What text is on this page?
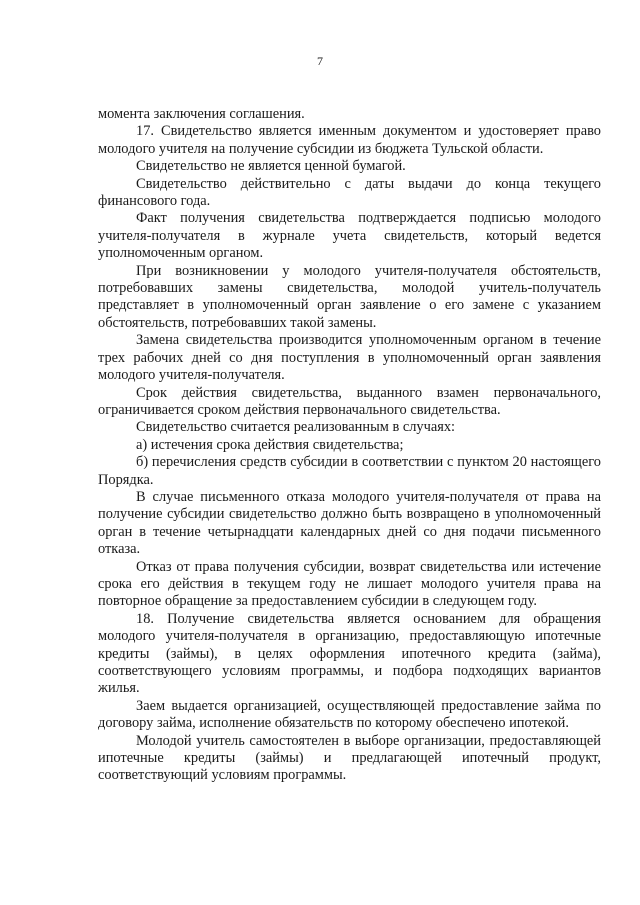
7

момента заключения соглашения.

17. Свидетельство является именным документом и удостоверяет право молодого учителя на получение субсидии из бюджета Тульской области.

Свидетельство не является ценной бумагой.

Свидетельство действительно с даты выдачи до конца текущего финансового года.

Факт получения свидетельства подтверждается подписью молодого учителя-получателя в журнале учета свидетельств, который ведется уполномоченным органом.

При возникновении у молодого учителя-получателя обстоятельств, потребовавших замены свидетельства, молодой учитель-получатель представляет в уполномоченный орган заявление о его замене с указанием обстоятельств, потребовавших такой замены.

Замена свидетельства производится уполномоченным органом в течение трех рабочих дней со дня поступления в уполномоченный орган заявления молодого учителя-получателя.

Срок действия свидетельства, выданного взамен первоначального, ограничивается сроком действия первоначального свидетельства.

Свидетельство считается реализованным в случаях:

а) истечения срока действия свидетельства;

б) перечисления средств субсидии в соответствии с пунктом 20 настоящего Порядка.

В случае письменного отказа молодого учителя-получателя от права на получение субсидии свидетельство должно быть возвращено в уполномоченный орган в течение четырнадцати календарных дней со дня подачи письменного отказа.

Отказ от права получения субсидии, возврат свидетельства или истечение срока его действия в текущем году не лишает молодого учителя права на повторное обращение за предоставлением субсидии в следующем году.

18. Получение свидетельства является основанием для обращения молодого учителя-получателя в организацию, предоставляющую ипотечные кредиты (займы), в целях оформления ипотечного кредита (займа), соответствующего условиям программы, и подбора подходящих вариантов жилья.

Заем выдается организацией, осуществляющей предоставление займа по договору займа, исполнение обязательств по которому обеспечено ипотекой.

Молодой учитель самостоятелен в выборе организации, предоставляющей ипотечные кредиты (займы) и предлагающей ипотечный продукт, соответствующий условиям программы.
